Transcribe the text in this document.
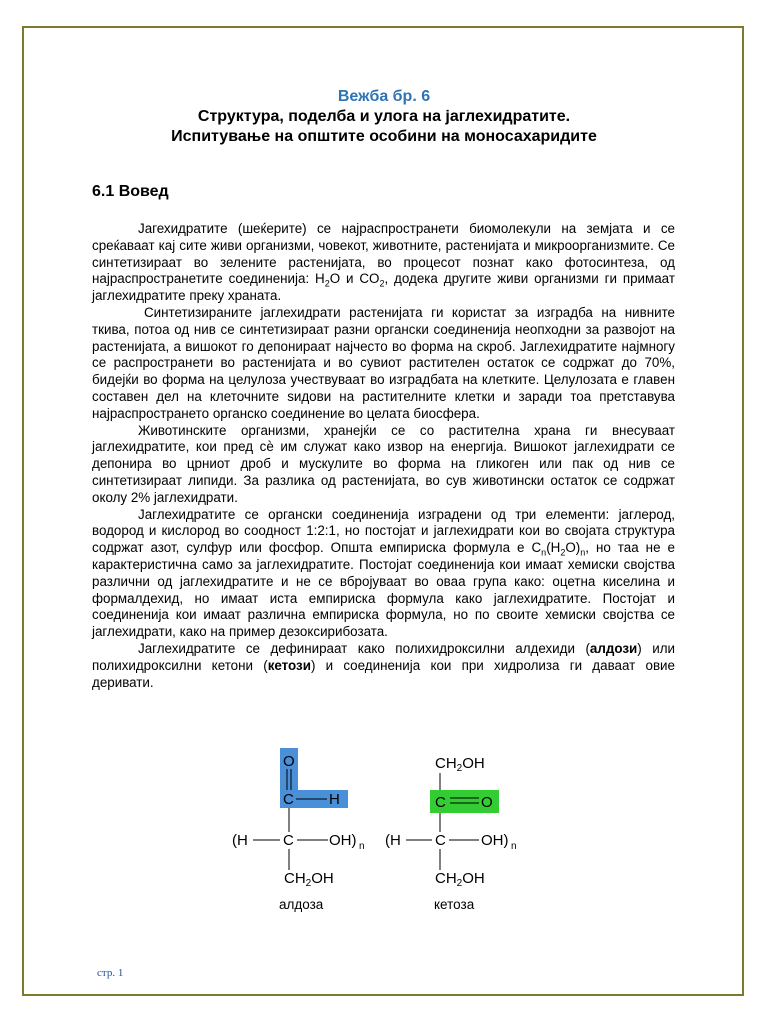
Вежба бр. 6
Структура, поделба и улога на јаглехидратите.
Испитување на општите особини на моносахаридите
6.1 Вовед

Јагехидратите (шеќерите) се најраспространети биомолекули на земјата и се среќаваат кај сите живи организми, човекот, животните, растенијата и микроорганизмите. Се синтетизираат во зелените растенијата, во процесот познат како фотосинтеза, од најраспространетите соединенија: $H_2O$ и $CO_2$, додека другите живи организми ги примаат јаглехидратите преку храната.

Синтетизираните јаглехидрати растенијата ги користат за изградба на нивните ткива, потоа од нив се синтетизираат разни органски соединенија неопходни за развојот на растенијата, а вишокот го депонираат најчесто во форма на скроб. Јаглехидратите најмногу се распространети во растенијата и во сувиот растителен остаток се содржат до 70%, бидејќи во форма на целулоза учествуваат во изградбата на клетките. Целулозата е главен составен дел на клеточните ѕидови на растителните клетки и заради тоа претставува најраспространето органско соединение во целата биосфера.

Животинските организми, хранејќи се со растителна храна ги внесуваат јаглехидратите, кои пред сѐ им служат како извор на енергија. Вишокот јаглехидрати се депонира во црниот дроб и мускулите во форма на гликоген или пак од нив се синтетизираат липиди. За разлика од растенијата, во сув животински остаток се содржат околу 2% јаглехидрати.

Јаглехидратите се органски соединенија изградени од три елементи: јаглерод, водород и кислород во соодност 1:2:1, но постојат и јаглехидрати кои во својата структура содржат азот, сулфур или фосфор. Општа емпириска формула е $C_n(H_2O)_n$, но таа не е карактеристична само за јаглехидратите. Постојат соединенија кои имаат хемиски својства различни од јаглехидратите и не се вбројуваат во оваа група како: оцетна киселина и формалдехид, но имаат иста емпириска формула како јаглехидратите. Постојат и соединенија кои имаат различна емпириска формула, но по своите хемиски својства се јаглехидрати, како на пример дезоксирибозата.

Јаглехидратите се дефинираат како полихидроксилни алдехиди (алдози) или полихидроксилни кетони (кетози) и соединенија кои при хидролиза ги даваат овие деривати.

O
C H
(H C OH) n
$CH_2OH$
алдоза
$CH_2OH$
C O
(H C OH) n
$CH_2OH$
кетоза
стр. 1
